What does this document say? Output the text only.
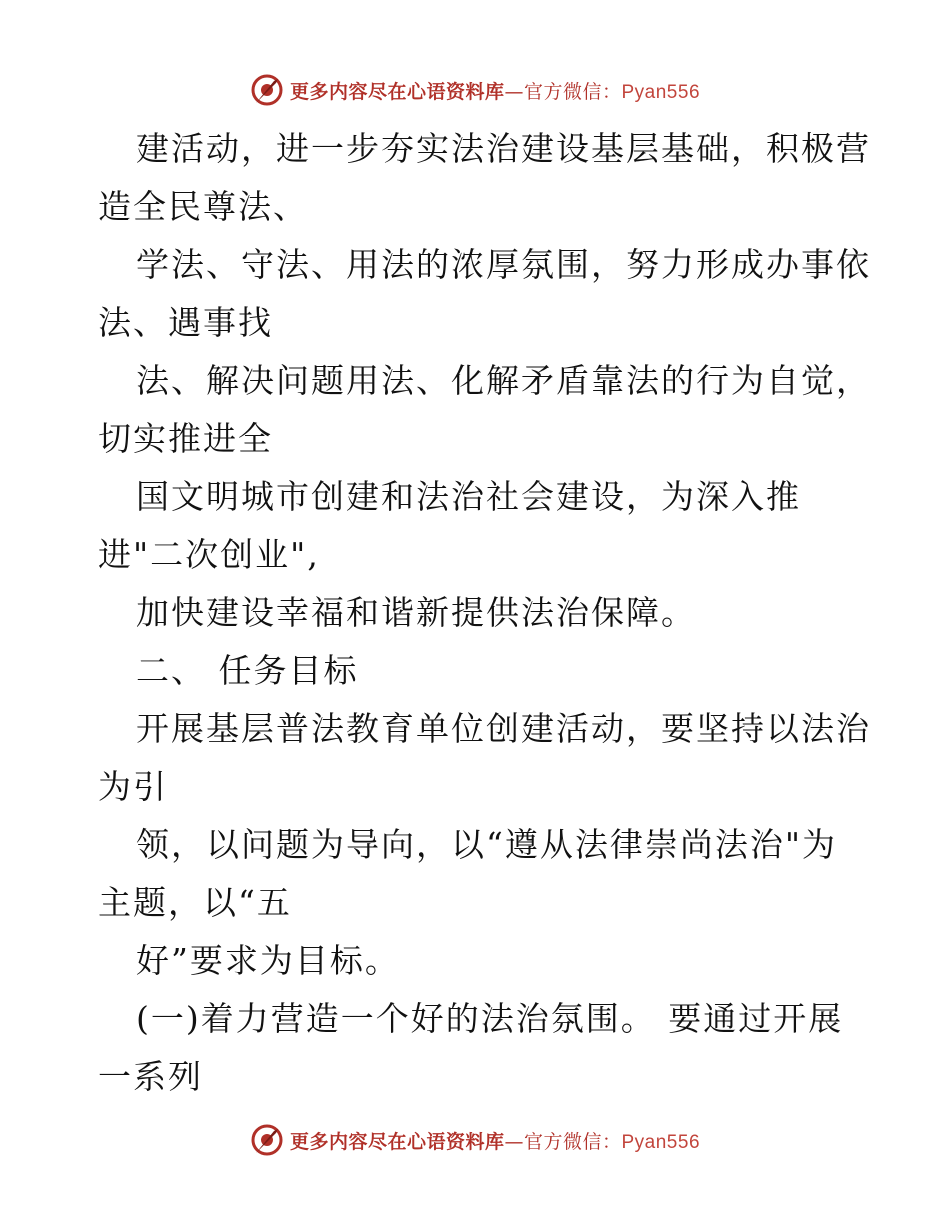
更多内容尽在心语资料库—官方微信：Pyan556
建活动，进一步夯实法治建设基层基础，积极营
造全民尊法、
学法、守法、用法的浓厚氛围，努力形成办事依
法、遇事找
法、解决问题用法、化解矛盾靠法的行为自觉，
切实推进全
国文明城市创建和法治社会建设，为深入推
进"二次创业",
加快建设幸福和谐新提供法治保障。
二、 任务目标
开展基层普法教育单位创建活动，要坚持以法治
为引
领，以问题为导向，以“遵从法律崇尚法治"为
主题，以“五
好”要求为目标。
(一)着力营造一个好的法治氛围。 要通过开展
一系列
更多内容尽在心语资料库—官方微信：Pyan556
